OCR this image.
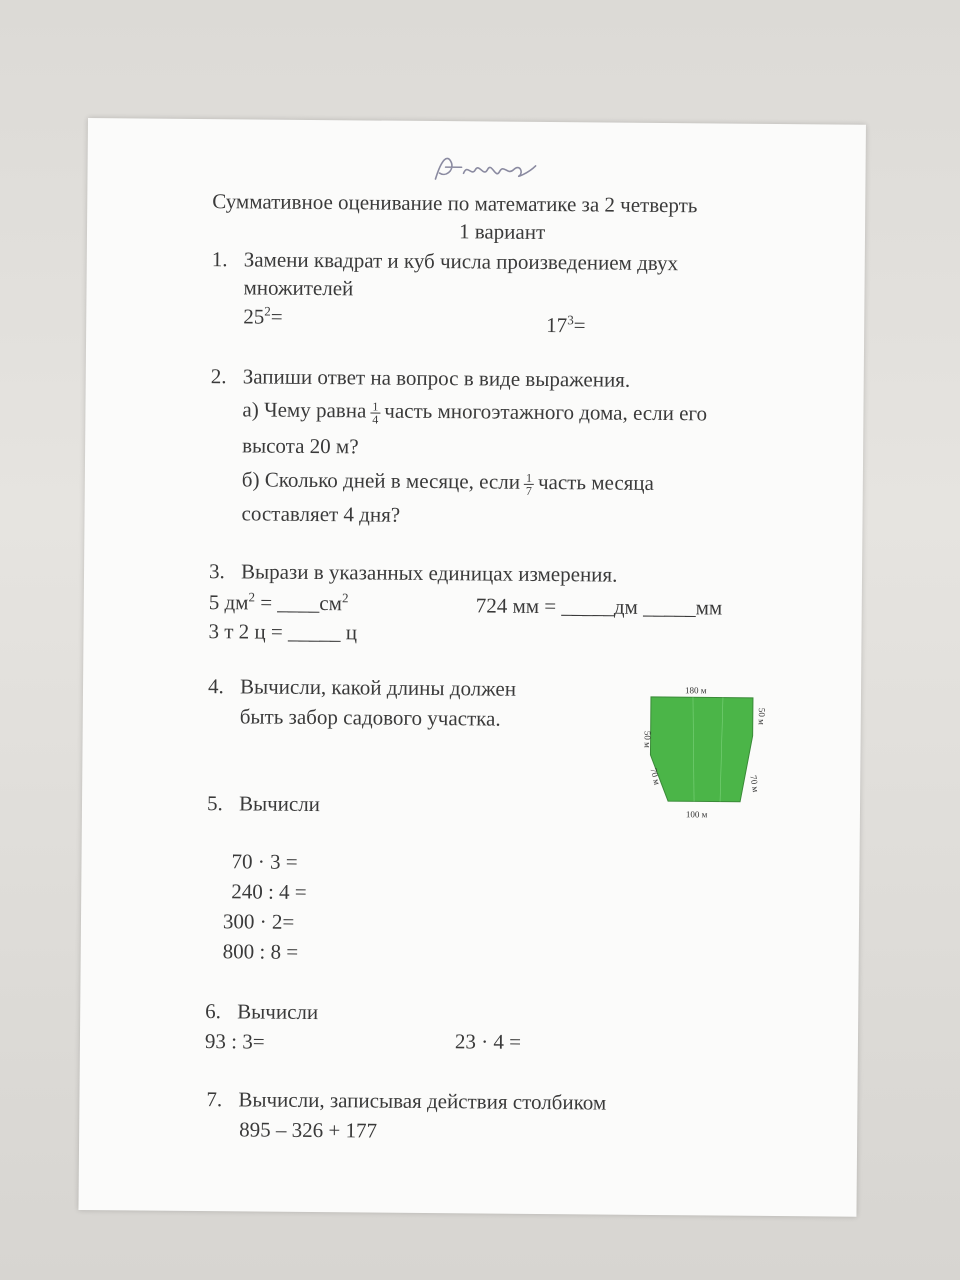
Суммативное оценивание по математике за 2 четверть
1 вариант
1. Замени квадрат и куб числа произведением двух
множителей
$25^2=$	$17^3=$
2. Запиши ответ на вопрос в виде выражения.
а) Чему равна $\frac{1}{4}$ часть многоэтажного дома, если его
высота 20 м?
б) Сколько дней в месяце, если $\frac{1}{7}$ часть месяца
составляет 4 дня?
3. Вырази в указанных единицах измерения.
5 $дм^2$ = $\_\_\_\_см^2$	724 мм = _____дм _____мм
3 т 2 ц = _____ ц
4. Вычисли, какой длины должен
быть забор садового участка.
180 м
50 м
50 м
70 м	70 м
100 м
5. Вычисли
70 · 3 =
240 : 4 =
300 · 2=
800 : 8 =
6. Вычисли
93 : 3=	23 · 4 =
7. Вычисли, записывая действия столбиком
895 – 326 + 177
